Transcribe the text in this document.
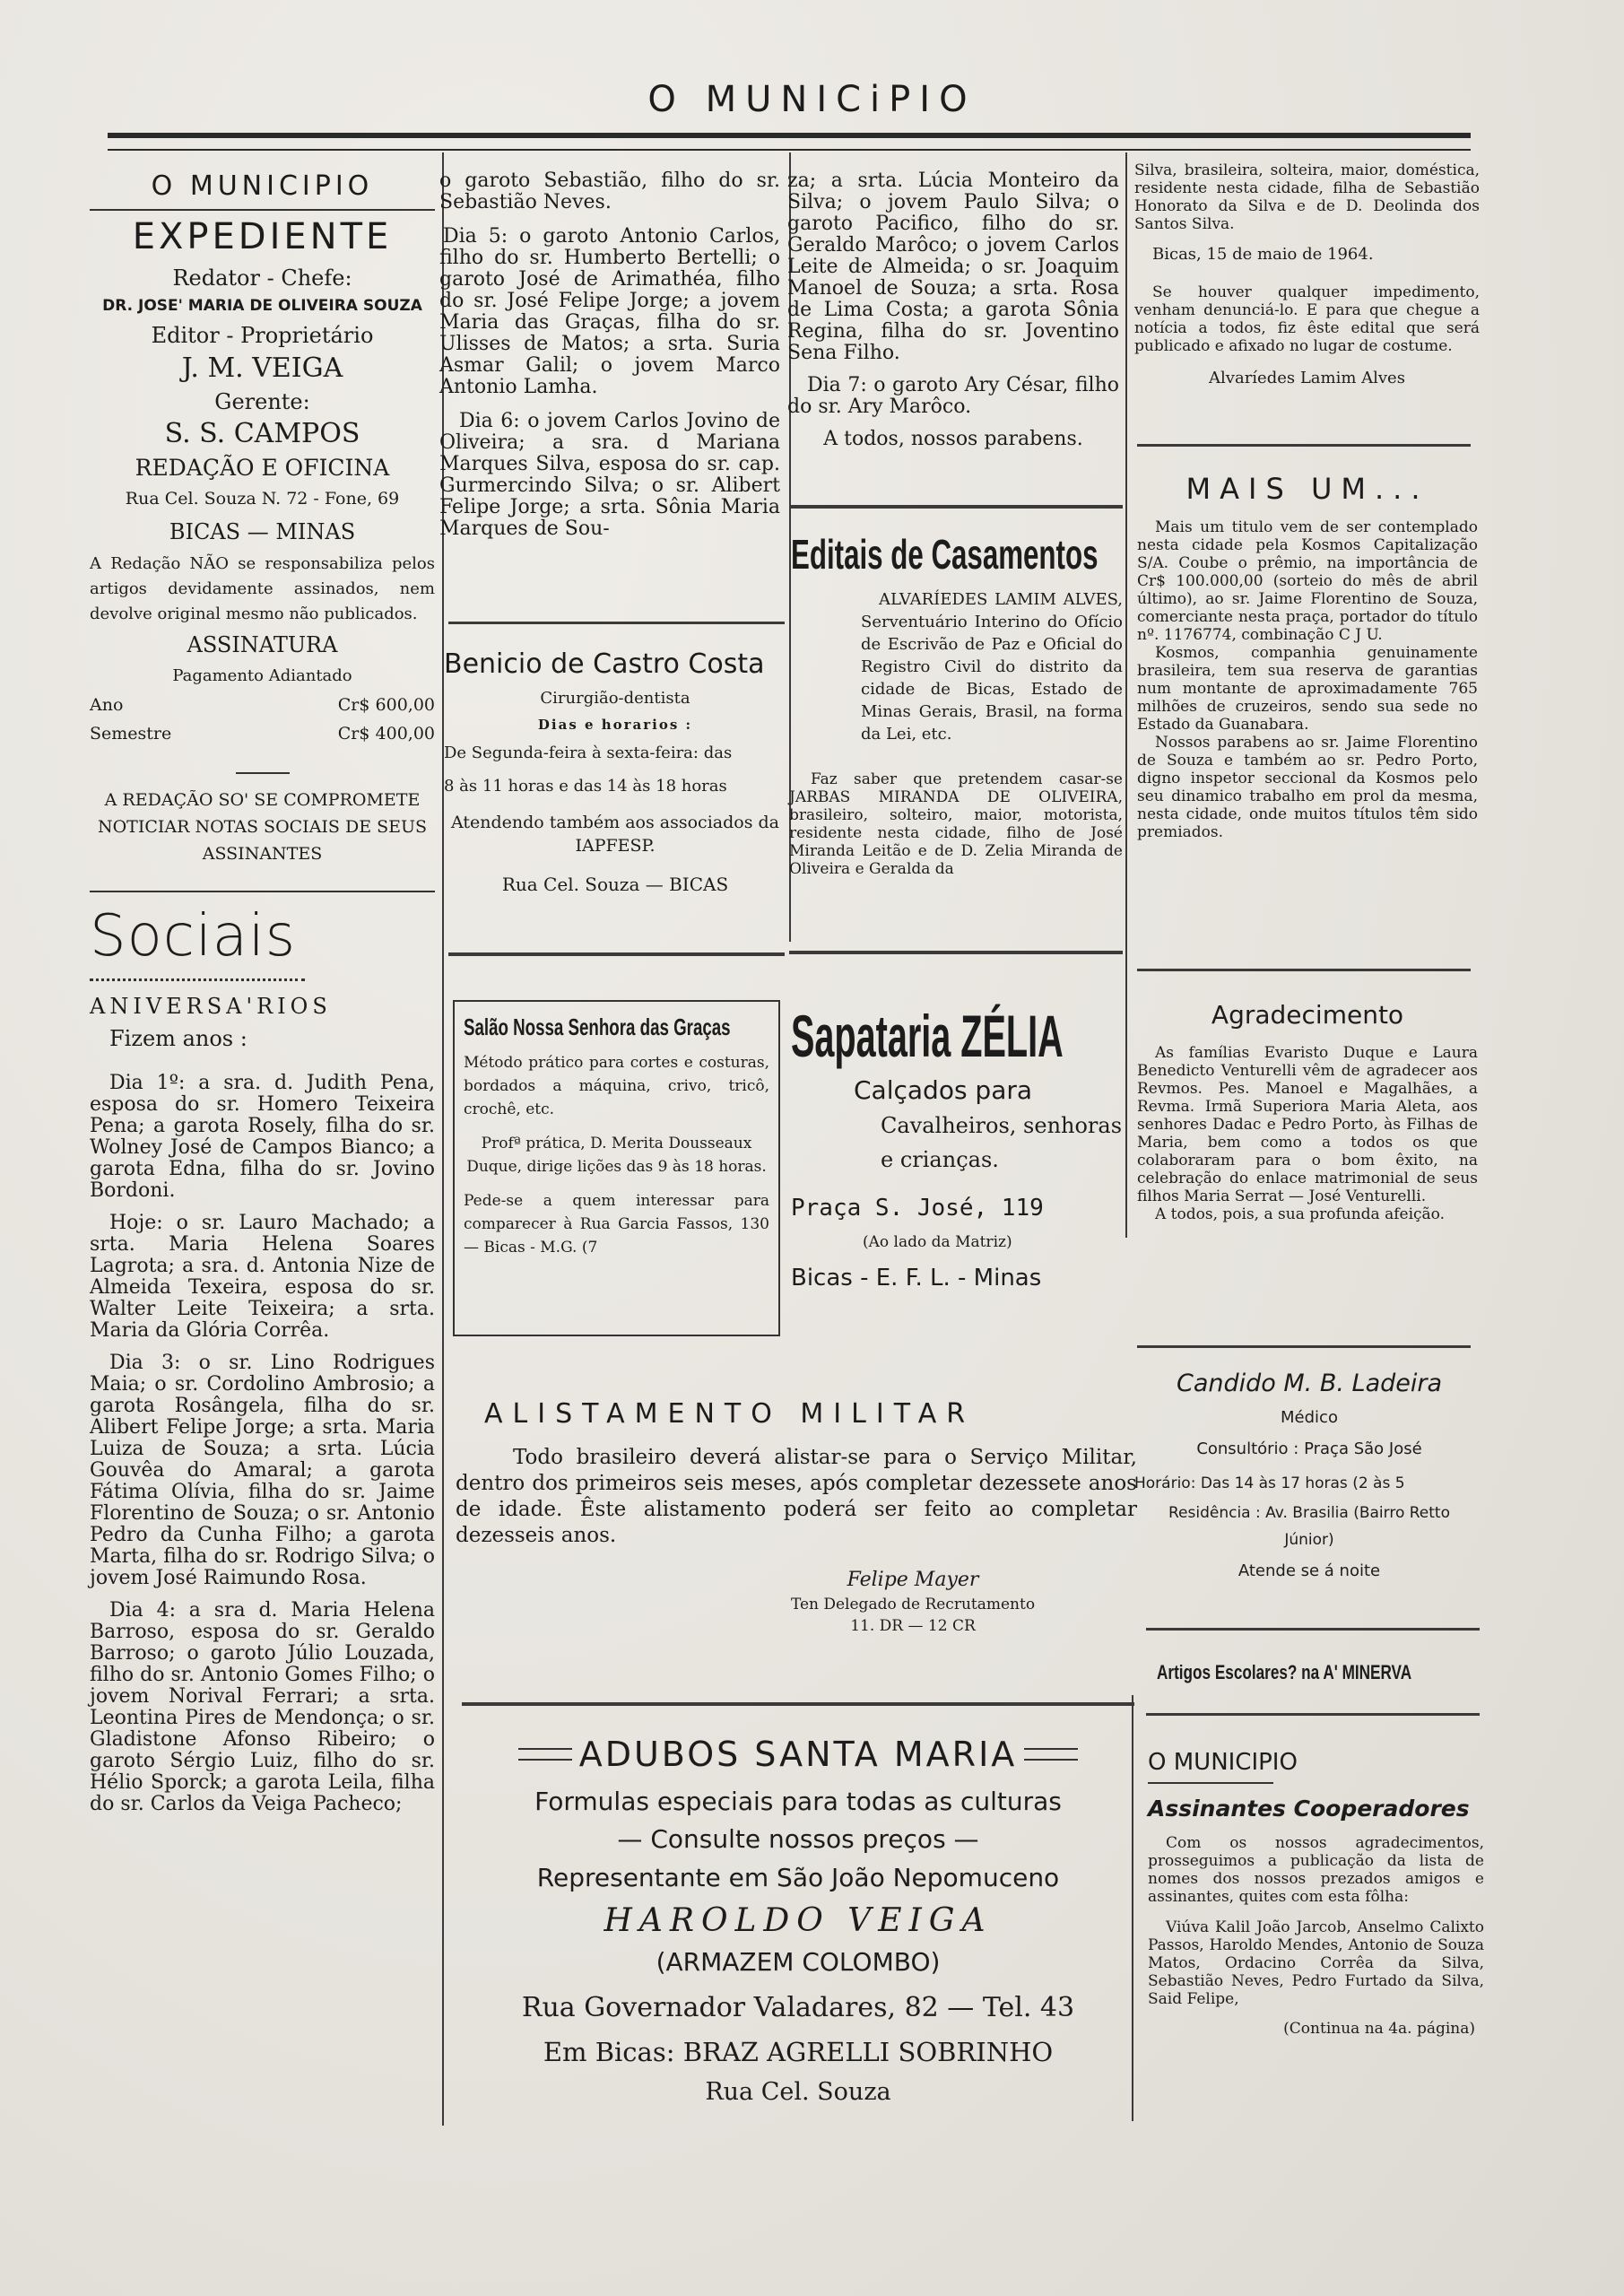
O MUNICiPIO
O MUNICIPIO
EXPEDIENTE
Redator - Chefe:
DR. JOSE' MARIA DE OLIVEIRA SOUZA
Editor - Proprietário
J. M. VEIGA
Gerente:
S. S. CAMPOS
REDAÇÃO E OFICINA
Rua Cel. Souza N. 72 - Fone, 69
BICAS — MINAS
A Redação NÃO se responsabiliza pelos artigos devidamente assinados, nem devolve original mesmo não publicados.
ASSINATURA
Pagamento Adiantado
Ano	Cr$ 600,00
Semestre	Cr$ 400,00
A REDAÇÃO SO' SE COMPROMETE NOTICIAR NOTAS SOCIAIS DE SEUS ASSINANTES
Sociais
ANIVERSA'RIOS
Fizem anos :

Dia 1º: a sra. d. Judith Pena, esposa do sr. Homero Teixeira Pena; a garota Rosely, filha do sr. Wolney José de Campos Bianco; a garota Edna, filha do sr. Jovino Bordoni.

Hoje: o sr. Lauro Machado; a srta. Maria Helena Soares Lagrota; a sra. d. Antonia Nize de Almeida Texeira, esposa do sr. Walter Leite Teixeira; a srta. Maria da Glória Corrêa.

Dia 3: o sr. Lino Rodrigues Maia; o sr. Cordolino Ambrosio; a garota Rosângela, filha do sr. Alibert Felipe Jorge; a srta. Maria Luiza de Souza; a srta. Lúcia Gouvêa do Amaral; a garota Fátima Olívia, filha do sr. Jaime Florentino de Souza; o sr. Antonio Pedro da Cunha Filho; a garota Marta, filha do sr. Rodrigo Silva; o jovem José Raimundo Rosa.

Dia 4: a sra d. Maria Helena Barroso, esposa do sr. Geraldo Barroso; o garoto Júlio Louzada, filho do sr. Antonio Gomes Filho; o jovem Norival Ferrari; a srta. Leontina Pires de Mendonça; o sr. Gladistone Afonso Ribeiro; o garoto Sérgio Luiz, filho do sr. Hélio Sporck; a garota Leila, filha do sr. Carlos da Veiga Pacheco;

o garoto Sebastião, filho do sr. Sebastião Neves.

Dia 5: o garoto Antonio Carlos, filho do sr. Humberto Bertelli; o garoto José de Arimathéa, filho do sr. José Felipe Jorge; a jovem Maria das Graças, filha do sr. Ulisses de Matos; a srta. Suria Asmar Galil; o jovem Marco Antonio Lamha.

Dia 6: o jovem Carlos Jovino de Oliveira; a sra. d Mariana Marques Silva, esposa do sr. cap. Gurmercindo Silva; o sr. Alibert Felipe Jorge; a srta. Sônia Maria Marques de Sou-

Benicio de Castro Costa
Cirurgião-dentista
Dias e horarios :
De Segunda-feira à sexta-feira: das
8 às 11 horas e das 14 às 18 horas
Atendendo também aos associados da IAPFESP.
Rua Cel. Souza — BICAS
Salão Nossa Senhora das Graças
Método prático para cortes e costuras, bordados a máquina, crivo, tricô, crochê, etc.
Profª prática, D. Merita Dousseaux Duque, dirige lições das 9 às 18 horas.
Pede-se a quem interessar para comparecer à Rua Garcia Fassos, 130 — Bicas - M.G. (7

za; a srta. Lúcia Monteiro da Silva; o jovem Paulo Silva; o garoto Pacifico, filho do sr. Geraldo Marôco; o jovem Carlos Leite de Almeida; o sr. Joaquim Manoel de Souza; a srta. Rosa de Lima Costa; a garota Sônia Regina, filha do sr. Joventino Sena Filho.

Dia 7: o garoto Ary César, filho do sr. Ary Marôco.

A todos, nossos parabens.

Editais de Casamentos
ALVARÍEDES LAMIM ALVES, Serventuário Interino do Ofício de Escrivão de Paz e Oficial do Registro Civil do distrito da cidade de Bicas, Estado de Minas Gerais, Brasil, na forma da Lei, etc.
Faz saber que pretendem casar-se JARBAS MIRANDA DE OLIVEIRA, brasileiro, solteiro, maior, motorista, residente nesta cidade, filho de José Miranda Leitão e de D. Zelia Miranda de Oliveira e Geralda da
Sapataria ZÉLIA
Calçados para
Cavalheiros, senhoras
e crianças.
Praça S. José, 119
(Ao lado da Matriz)
Bicas - E. F. L. - Minas
Silva, brasileira, solteira, maior, doméstica, residente nesta cidade, filha de Sebastião Honorato da Silva e de D. Deolinda dos Santos Silva.
Bicas, 15 de maio de 1964.
Se houver qualquer impedimento, venham denunciá-lo. E para que chegue a notícia a todos, fiz êste edital que será publicado e afixado no lugar de costume.
Alvaríedes Lamim Alves
MAIS UM...
Mais um titulo vem de ser contemplado nesta cidade pela Kosmos Capitalização S/A. Coube o prêmio, na importância de Cr$ 100.000,00 (sorteio do mês de abril último), ao sr. Jaime Florentino de Souza, comerciante nesta praça, portador do título nº. 1176774, combinação C J U.
Kosmos, companhia genuinamente brasileira, tem sua reserva de garantias num montante de aproximadamente 765 milhões de cruzeiros, sendo sua sede no Estado da Guanabara.
Nossos parabens ao sr. Jaime Florentino de Souza e também ao sr. Pedro Porto, digno inspetor seccional da Kosmos pelo seu dinamico trabalho em prol da mesma, nesta cidade, onde muitos títulos têm sido premiados.
Agradecimento
As famílias Evaristo Duque e Laura Benedicto Venturelli vêm de agradecer aos Revmos. Pes. Manoel e Magalhães, a Revma. Irmã Superiora Maria Aleta, aos senhores Dadac e Pedro Porto, às Filhas de Maria, bem como a todos os que colaboraram para o bom êxito, na celebração do enlace matrimonial de seus filhos Maria Serrat — José Venturelli.
A todos, pois, a sua profunda afeição.
Candido M. B. Ladeira
Médico
Consultório : Praça São José
Horário: Das 14 às 17 horas (2 às 5
Residência : Av. Brasilia (Bairro Retto Júnior)
Atende se á noite
Artigos Escolares? na A' MINERVA
O MUNICIPIO
Assinantes Cooperadores
Com os nossos agradecimentos, prosseguimos a publicação da lista de nomes dos nossos prezados amigos e assinantes, quites com esta fôlha:
Viúva Kalil João Jarcob, Anselmo Calixto Passos, Haroldo Mendes, Antonio de Souza Matos, Ordacino Corrêa da Silva, Sebastião Neves, Pedro Furtado da Silva, Said Felipe,
(Continua na 4a. página)
ALISTAMENTO MILITAR
Todo brasileiro deverá alistar-se para o Serviço Militar, dentro dos primeiros seis meses, após completar dezessete anos de idade. Êste alistamento poderá ser feito ao completar dezesseis anos.
Felipe Mayer
Ten Delegado de Recrutamento
11. DR — 12 CR
ADUBOS SANTA MARIA
Formulas especiais para todas as culturas
— Consulte nossos preços —
Representante em São João Nepomuceno
HAROLDO VEIGA
(ARMAZEM COLOMBO)
Rua Governador Valadares, 82 — Tel. 43
Em Bicas: BRAZ AGRELLI SOBRINHO
Rua Cel. Souza
